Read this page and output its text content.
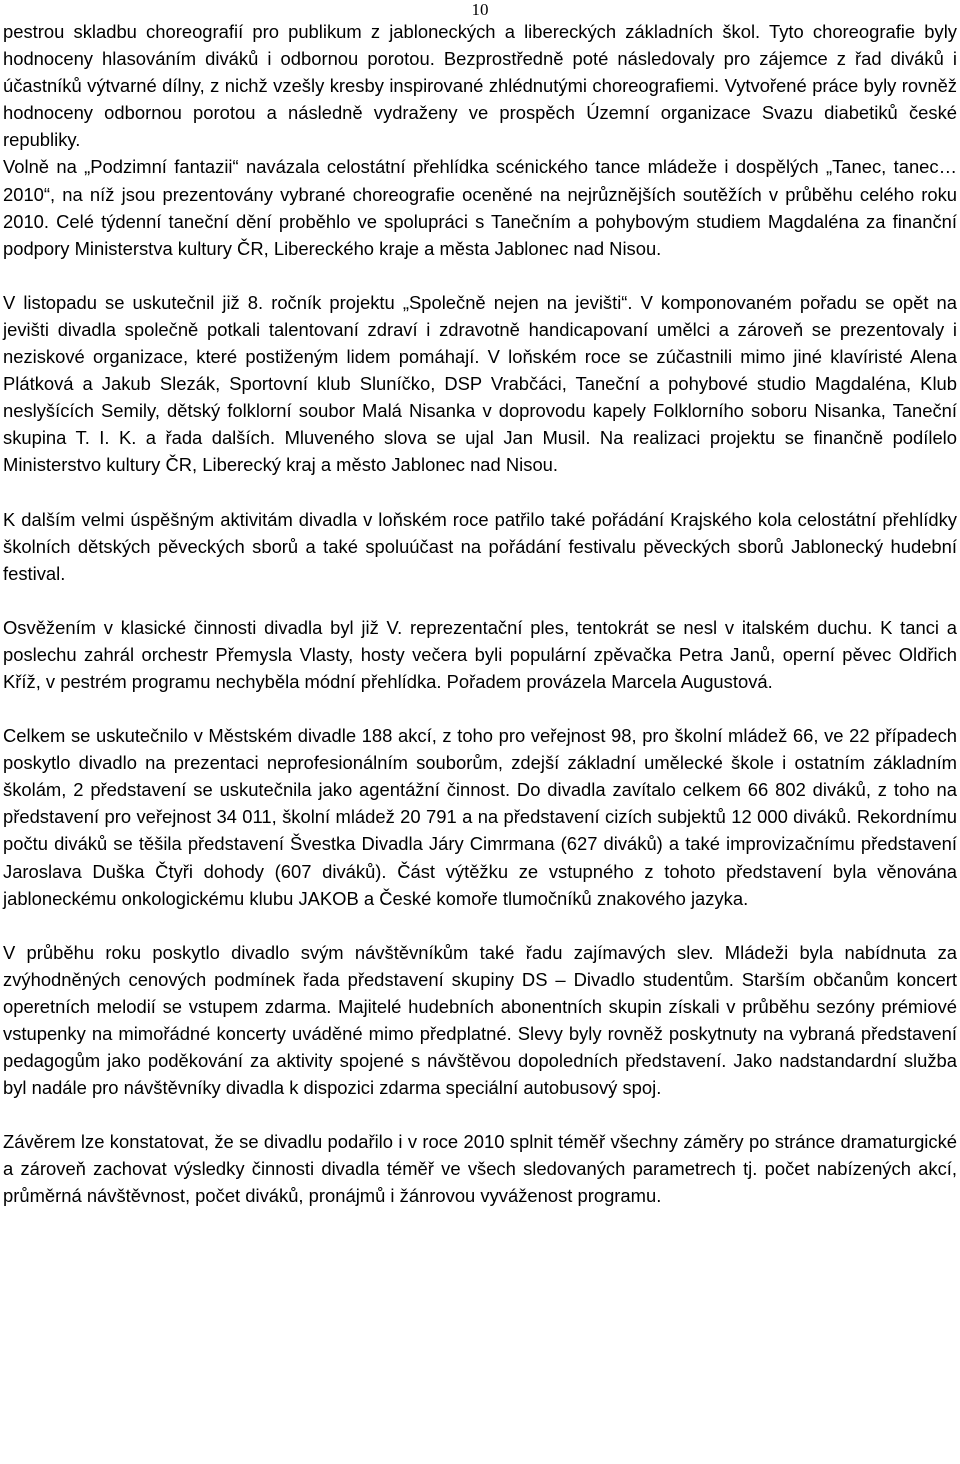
10

pestrou skladbu choreografií pro publikum z jabloneckých a libereckých základních škol. Tyto choreografie byly hodnoceny hlasováním diváků i odbornou porotou. Bezprostředně poté následovaly pro zájemce z řad diváků i účastníků výtvarné dílny, z nichž vzešly kresby inspirované zhlédnutými choreografiemi. Vytvořené práce byly rovněž hodnoceny odbornou porotou a následně vydraženy ve prospěch Územní organizace Svazu diabetiků české republiky.

Volně na „Podzimní fantazii“ navázala celostátní přehlídka scénického tance mládeže i dospělých „Tanec, tanec…2010“, na níž jsou prezentovány vybrané choreografie oceněné na nejrůznějších soutěžích v průběhu celého roku 2010. Celé týdenní taneční dění proběhlo ve spolupráci s Tanečním a pohybovým studiem Magdaléna za finanční podpory Ministerstva kultury ČR, Libereckého kraje a města Jablonec nad Nisou.

V listopadu se uskutečnil již 8. ročník projektu „Společně nejen na jevišti“. V komponovaném pořadu se opět na jevišti divadla společně potkali talentovaní zdraví i zdravotně handicapovaní umělci a zároveň se prezentovaly i neziskové organizace, které postiženým lidem pomáhají. V loňském roce se zúčastnili mimo jiné klavíristé Alena Plátková a Jakub Slezák, Sportovní klub Sluníčko, DSP Vrabčáci, Taneční a pohybové studio Magdaléna, Klub neslyšících Semily, dětský folklorní soubor Malá Nisanka v doprovodu kapely Folklorního soboru Nisanka, Taneční skupina T. I. K. a řada dalších. Mluveného slova se ujal Jan Musil. Na realizaci projektu se finančně podílelo Ministerstvo kultury ČR, Liberecký kraj a město Jablonec nad Nisou.

K dalším velmi úspěšným aktivitám divadla v loňském roce patřilo také pořádání Krajského kola celostátní přehlídky školních dětských pěveckých sborů a také spoluúčast na pořádání festivalu pěveckých sborů Jablonecký hudební festival.

Osvěžením v klasické činnosti divadla byl již V. reprezentační ples, tentokrát se nesl v italském duchu. K tanci a poslechu zahrál orchestr Přemysla Vlasty, hosty večera byli populární zpěvačka Petra Janů, operní pěvec Oldřich Kříž, v pestrém programu nechyběla módní přehlídka. Pořadem provázela Marcela Augustová.

Celkem se uskutečnilo v Městském divadle 188 akcí, z toho pro veřejnost 98, pro školní mládež 66, ve 22 případech poskytlo divadlo na prezentaci neprofesionálním souborům, zdejší základní umělecké škole i ostatním základním školám, 2 představení se uskutečnila jako agentážní činnost. Do divadla zavítalo celkem 66 802 diváků, z toho na představení pro veřejnost 34 011, školní mládež 20 791 a na představení cizích subjektů 12 000 diváků. Rekordnímu počtu diváků se těšila představení Švestka Divadla Járy Cimrmana (627 diváků) a také improvizačnímu představení Jaroslava Duška Čtyři dohody (607 diváků). Část výtěžku ze vstupného z tohoto představení byla věnována jabloneckému onkologickému klubu JAKOB a České komoře tlumočníků znakového jazyka.

V průběhu roku poskytlo divadlo svým návštěvníkům také řadu zajímavých slev. Mládeži byla nabídnuta za zvýhodněných cenových podmínek řada představení skupiny DS – Divadlo studentům. Starším občanům koncert operetních melodií se vstupem zdarma. Majitelé hudebních abonentních skupin získali v průběhu sezóny prémiové vstupenky na mimořádné koncerty uváděné mimo předplatné. Slevy byly rovněž poskytnuty na vybraná představení pedagogům jako poděkování za aktivity spojené s návštěvou dopoledních představení. Jako nadstandardní služba byl nadále pro návštěvníky divadla k dispozici zdarma speciální autobusový spoj.

Závěrem lze konstatovat, že se divadlu podařilo i v roce 2010 splnit téměř všechny záměry po stránce dramaturgické a zároveň zachovat výsledky činnosti divadla téměř ve všech sledovaných parametrech tj. počet nabízených akcí, průměrná návštěvnost, počet diváků, pronájmů i žánrovou vyváženost programu.
